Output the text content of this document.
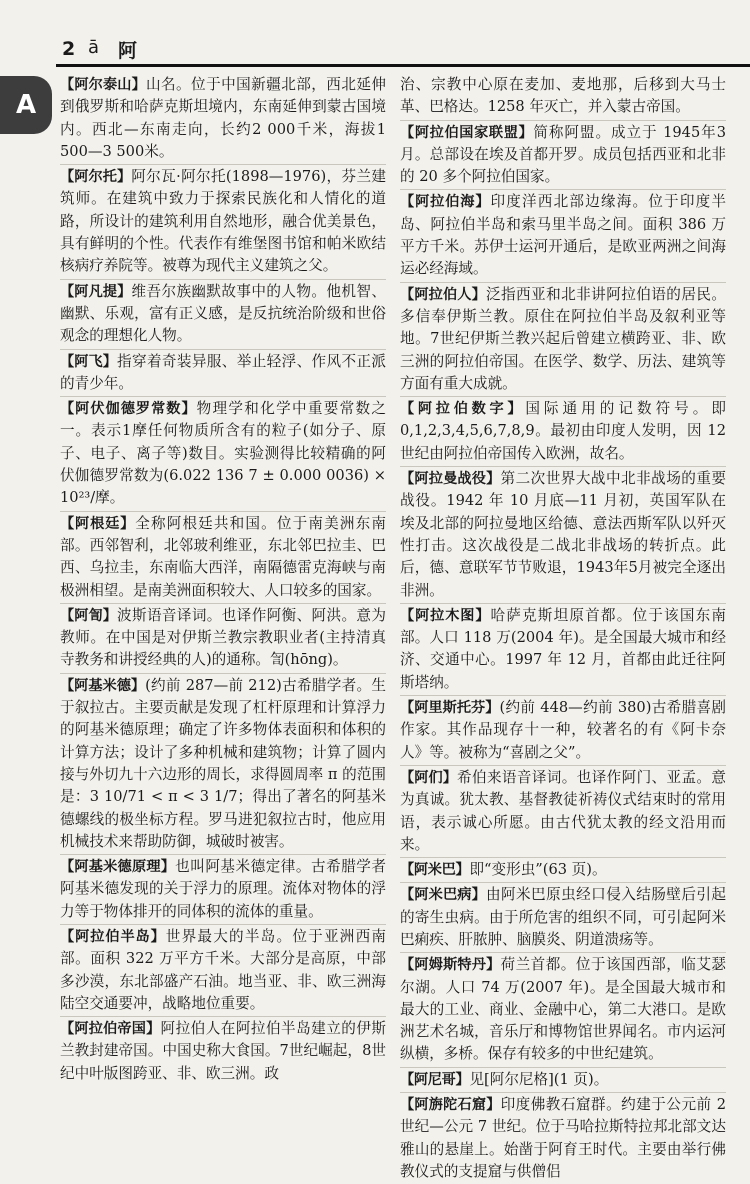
2 ā 阿
A

【阿尔泰山】山名。位于中国新疆北部，西北延伸到俄罗斯和哈萨克斯坦境内，东南延伸到蒙古国境内。西北—东南走向，长约2 000千米，海拔1 500—3 500米。

【阿尔托】阿尔瓦·阿尔托(1898—1976)，芬兰建筑师。在建筑中致力于探索民族化和人情化的道路，所设计的建筑利用自然地形，融合优美景色，具有鲜明的个性。代表作有维堡图书馆和帕米欧结核病疗养院等。被尊为现代主义建筑之父。

【阿凡提】维吾尔族幽默故事中的人物。他机智、幽默、乐观，富有正义感，是反抗统治阶级和世俗观念的理想化人物。

【阿飞】指穿着奇装异服、举止轻浮、作风不正派的青少年。

【阿伏伽德罗常数】物理学和化学中重要常数之一。表示1摩任何物质所含有的粒子(如分子、原子、电子、离子等)数目。实验测得比较精确的阿伏伽德罗常数为(6.022 136 7 ± 0.000 0036) × 10²³/摩。

【阿根廷】全称阿根廷共和国。位于南美洲东南部。西邻智利，北邻玻利维亚，东北邻巴拉圭、巴西、乌拉圭，东南临大西洋，南隔德雷克海峡与南极洲相望。是南美洲面积较大、人口较多的国家。

【阿訇】波斯语音译词。也译作阿衡、阿洪。意为教师。在中国是对伊斯兰教宗教职业者(主持清真寺教务和讲授经典的人)的通称。訇(hōng)。

【阿基米德】(约前 287—前 212)古希腊学者。生于叙拉古。主要贡献是发现了杠杆原理和计算浮力的阿基米德原理；确定了许多物体表面积和体积的计算方法；设计了多种机械和建筑物；计算了圆内接与外切九十六边形的周长，求得圆周率 π 的范围是：3 10/71 < π < 3 1/7；得出了著名的阿基米德螺线的极坐标方程。罗马进犯叙拉古时，他应用机械技术来帮助防御，城破时被害。

【阿基米德原理】也叫阿基米德定律。古希腊学者阿基米德发现的关于浮力的原理。流体对物体的浮力等于物体排开的同体积的流体的重量。

【阿拉伯半岛】世界最大的半岛。位于亚洲西南部。面积 322 万平方千米。大部分是高原，中部多沙漠，东北部盛产石油。地当亚、非、欧三洲海陆空交通要冲，战略地位重要。

【阿拉伯帝国】阿拉伯人在阿拉伯半岛建立的伊斯兰教封建帝国。中国史称大食国。7世纪崛起，8世纪中叶版图跨亚、非、欧三洲。政

治、宗教中心原在麦加、麦地那，后移到大马士革、巴格达。1258 年灭亡，并入蒙古帝国。

【阿拉伯国家联盟】简称阿盟。成立于 1945年3月。总部设在埃及首都开罗。成员包括西亚和北非的 20 多个阿拉伯国家。

【阿拉伯海】印度洋西北部边缘海。位于印度半岛、阿拉伯半岛和索马里半岛之间。面积 386 万平方千米。苏伊士运河开通后，是欧亚两洲之间海运必经海域。

【阿拉伯人】泛指西亚和北非讲阿拉伯语的居民。多信奉伊斯兰教。原住在阿拉伯半岛及叙利亚等地。7世纪伊斯兰教兴起后曾建立横跨亚、非、欧三洲的阿拉伯帝国。在医学、数学、历法、建筑等方面有重大成就。

【阿拉伯数字】国际通用的记数符号。即 0,1,2,3,4,5,6,7,8,9。最初由印度人发明，因 12世纪由阿拉伯帝国传入欧洲，故名。

【阿拉曼战役】第二次世界大战中北非战场的重要战役。1942 年 10 月底—11 月初，英国军队在埃及北部的阿拉曼地区给德、意法西斯军队以歼灭性打击。这次战役是二战北非战场的转折点。此后，德、意联军节节败退，1943年5月被完全逐出非洲。

【阿拉木图】哈萨克斯坦原首都。位于该国东南部。人口 118 万(2004 年)。是全国最大城市和经济、交通中心。1997 年 12 月，首都由此迁往阿斯塔纳。

【阿里斯托芬】(约前 448—约前 380)古希腊喜剧作家。其作品现存十一种，较著名的有《阿卡奈人》等。被称为“喜剧之父”。

【阿们】希伯来语音译词。也译作阿门、亚孟。意为真诚。犹太教、基督教徒祈祷仪式结束时的常用语，表示诚心所愿。由古代犹太教的经文沿用而来。

【阿米巴】即“变形虫”(63 页)。

【阿米巴病】由阿米巴原虫经口侵入结肠壁后引起的寄生虫病。由于所危害的组织不同，可引起阿米巴痢疾、肝脓肿、脑膜炎、阴道溃疡等。

【阿姆斯特丹】荷兰首都。位于该国西部，临艾瑟尔湖。人口 74 万(2007 年)。是全国最大城市和最大的工业、商业、金融中心，第二大港口。是欧洲艺术名城，音乐厅和博物馆世界闻名。市内运河纵横，多桥。保存有较多的中世纪建筑。

【阿尼哥】见[阿尔尼格](1 页)。

【阿旃陀石窟】印度佛教石窟群。约建于公元前 2 世纪—公元 7 世纪。位于马哈拉斯特拉邦北部文达雅山的悬崖上。始凿于阿育王时代。主要由举行佛教仪式的支提窟与供僧侣
